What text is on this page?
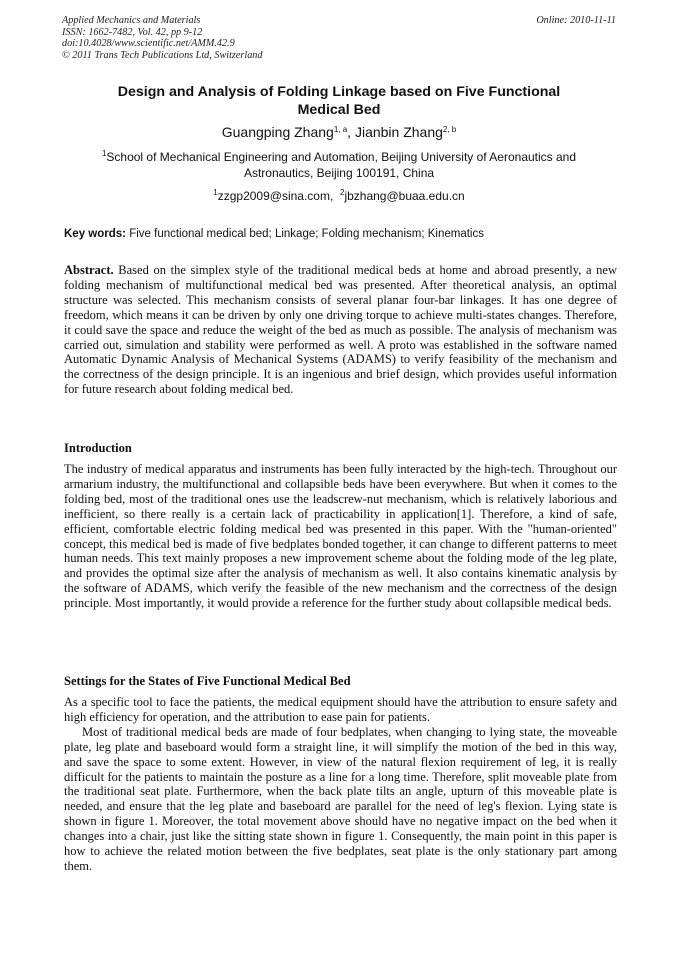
Applied Mechanics and Materials
ISSN: 1662-7482, Vol. 42, pp 9-12
doi:10.4028/www.scientific.net/AMM.42.9
© 2011 Trans Tech Publications Ltd, Switzerland
Online: 2010-11-11
Design and Analysis of Folding Linkage based on Five Functional
Medical Bed
Guangping Zhang$^{1, a}$, Jianbin Zhang$^{2, b}$
$^1$School of Mechanical Engineering and Automation, Beijing University of Aeronautics and
Astronautics, Beijing 100191, China
$^1$zzgp2009@sina.com, $^2$jbzhang@buaa.edu.cn
Key words: Five functional medical bed; Linkage; Folding mechanism; Kinematics

Abstract. Based on the simplex style of the traditional medical beds at home and abroad presently, a new folding mechanism of multifunctional medical bed was presented. After theoretical analysis, an optimal structure was selected. This mechanism consists of several planar four-bar linkages. It has one degree of freedom, which means it can be driven by only one driving torque to achieve multi-states changes. Therefore, it could save the space and reduce the weight of the bed as much as possible. The analysis of mechanism was carried out, simulation and stability were performed as well. A proto was established in the software named Automatic Dynamic Analysis of Mechanical Systems (ADAMS) to verify feasibility of the mechanism and the correctness of the design principle. It is an ingenious and brief design, which provides useful information for future research about folding medical bed.

Introduction

The industry of medical apparatus and instruments has been fully interacted by the high-tech. Throughout our armarium industry, the multifunctional and collapsible beds have been everywhere. But when it comes to the folding bed, most of the traditional ones use the leadscrew-nut mechanism, which is relatively laborious and inefficient, so there really is a certain lack of practicability in application[1]. Therefore, a kind of safe, efficient, comfortable electric folding medical bed was presented in this paper. With the "human-oriented" concept, this medical bed is made of five bedplates bonded together, it can change to different patterns to meet human needs. This text mainly proposes a new improvement scheme about the folding mode of the leg plate, and provides the optimal size after the analysis of mechanism as well. It also contains kinematic analysis by the software of ADAMS, which verify the feasible of the new mechanism and the correctness of the design principle. Most importantly, it would provide a reference for the further study about collapsible medical beds.

Settings for the States of Five Functional Medical Bed

As a specific tool to face the patients, the medical equipment should have the attribution to ensure safety and high efficiency for operation, and the attribution to ease pain for patients.

Most of traditional medical beds are made of four bedplates, when changing to lying state, the moveable plate, leg plate and baseboard would form a straight line, it will simplify the motion of the bed in this way, and save the space to some extent. However, in view of the natural flexion requirement of leg, it is really difficult for the patients to maintain the posture as a line for a long time. Therefore, split moveable plate from the traditional seat plate. Furthermore, when the back plate tilts an angle, upturn of this moveable plate is needed, and ensure that the leg plate and baseboard are parallel for the need of leg's flexion. Lying state is shown in figure 1. Moreover, the total movement above should have no negative impact on the bed when it changes into a chair, just like the sitting state shown in figure 1. Consequently, the main point in this paper is how to achieve the related motion between the five bedplates, seat plate is the only stationary part among them.
